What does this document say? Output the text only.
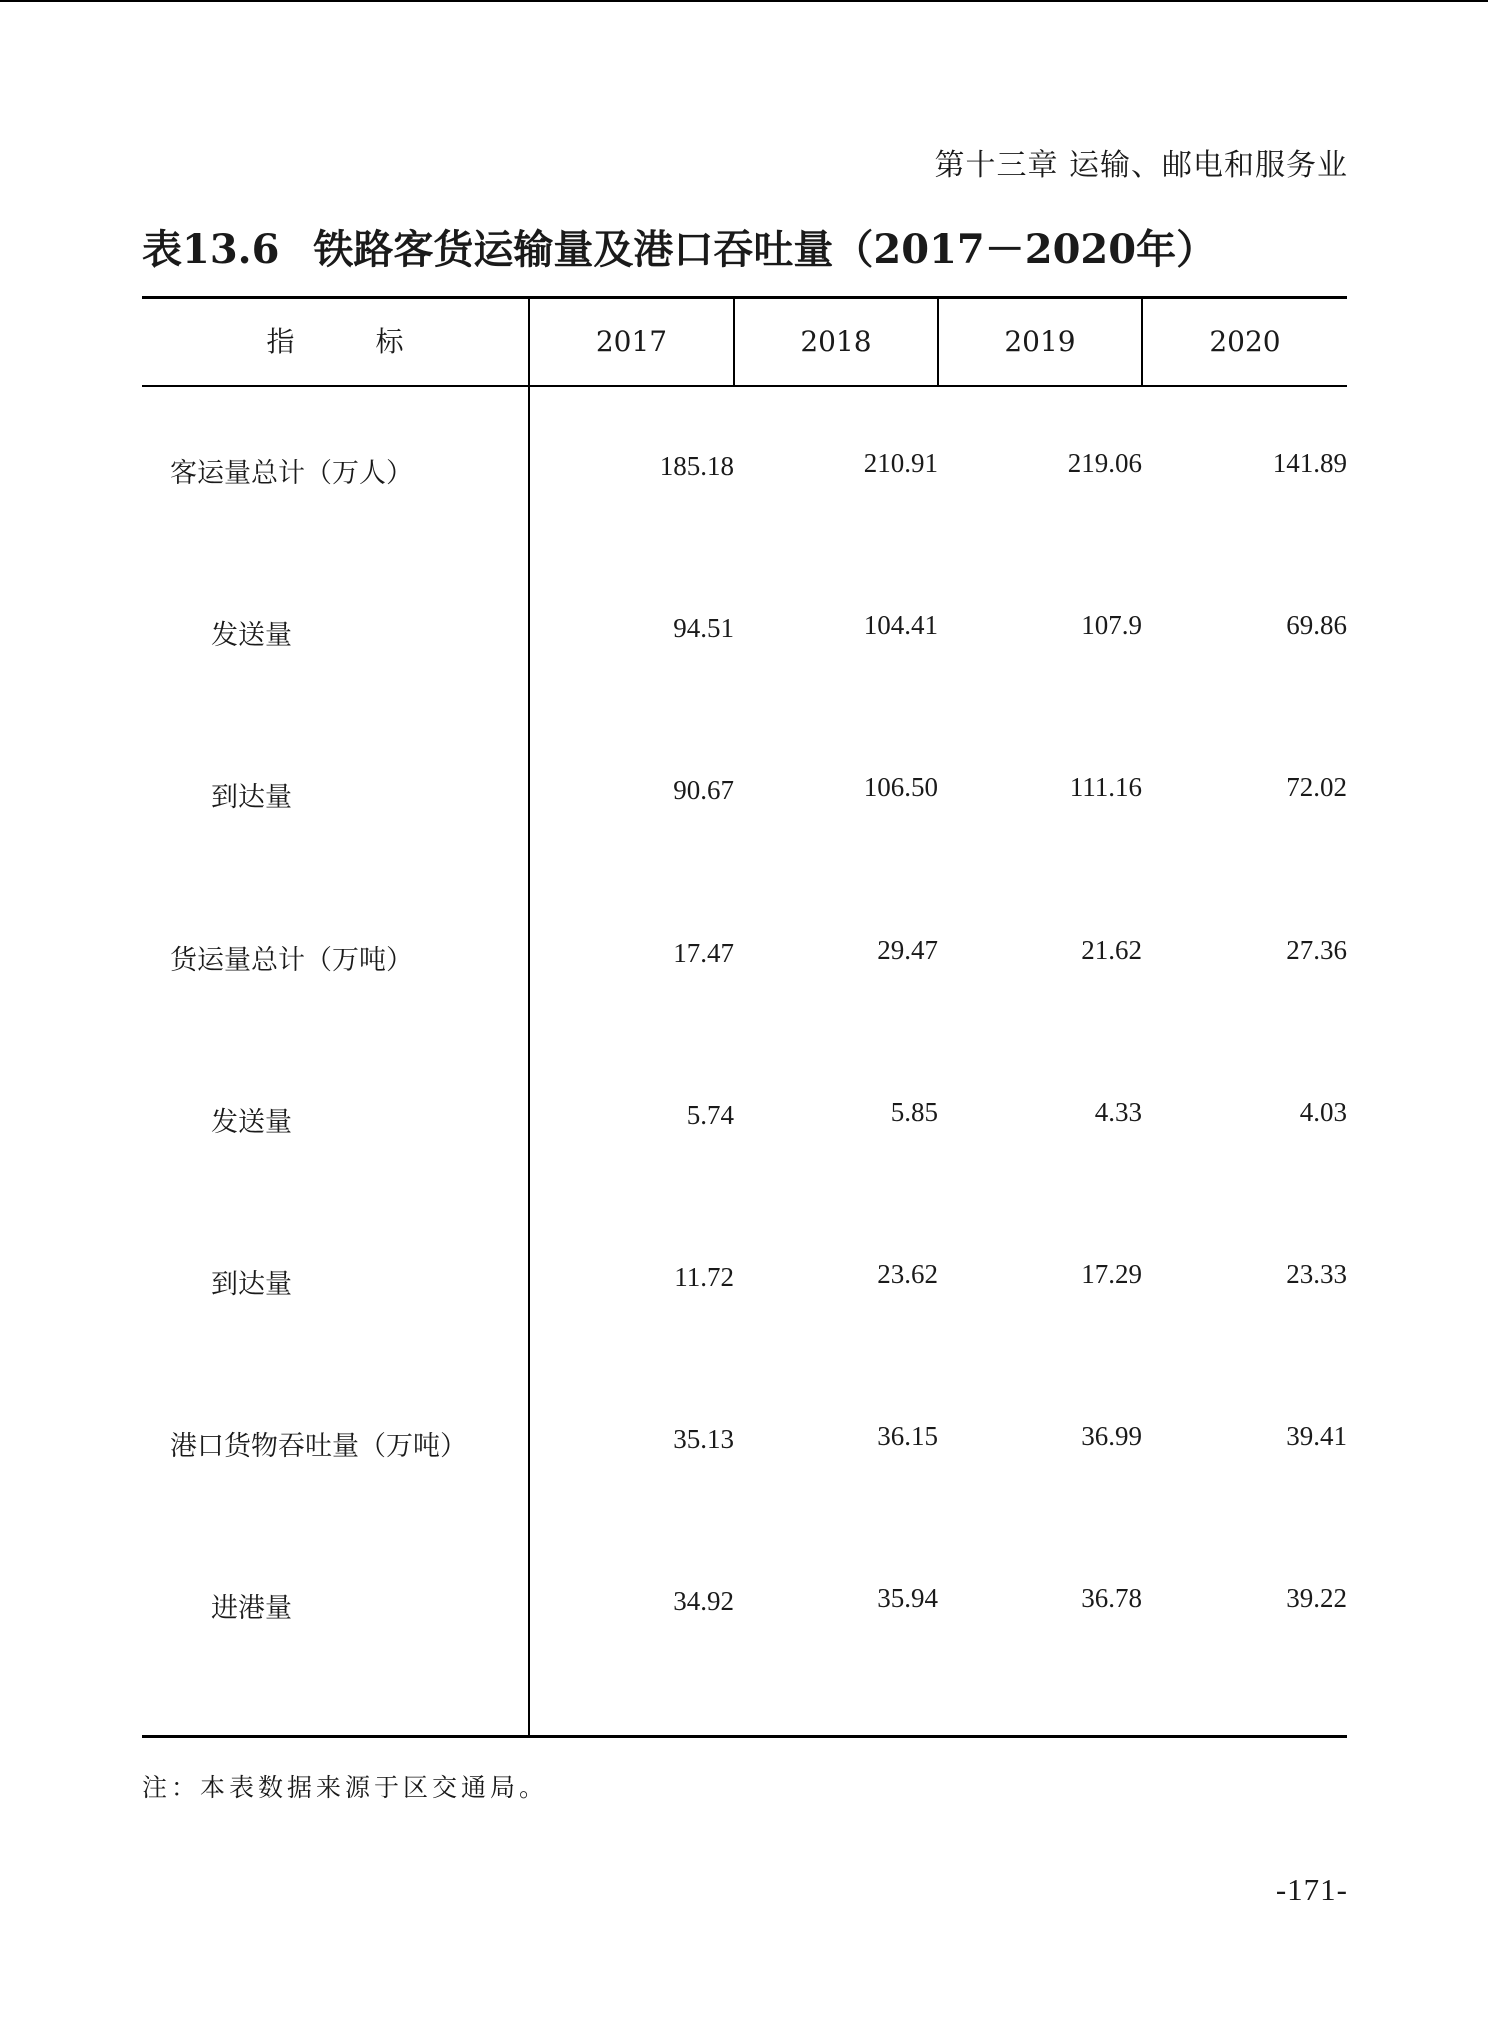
第十三章 运输、邮电和服务业
表13.6 铁路客货运输量及港口吞吐量（2017－2020年）
指 标	2017	2018	2019	2020
客运量总计（万人）	185.18	210.91	219.06	141.89
发送量	94.51	104.41	107.9	69.86
到达量	90.67	106.50	111.16	72.02
货运量总计（万吨）	17.47	29.47	21.62	27.36
发送量	5.74	5.85	4.33	4.03
到达量	11.72	23.62	17.29	23.33
港口货物吞吐量（万吨）	35.13	36.15	36.99	39.41
进港量	34.92	35.94	36.78	39.22
注：本表数据来源于区交通局。
-171-
